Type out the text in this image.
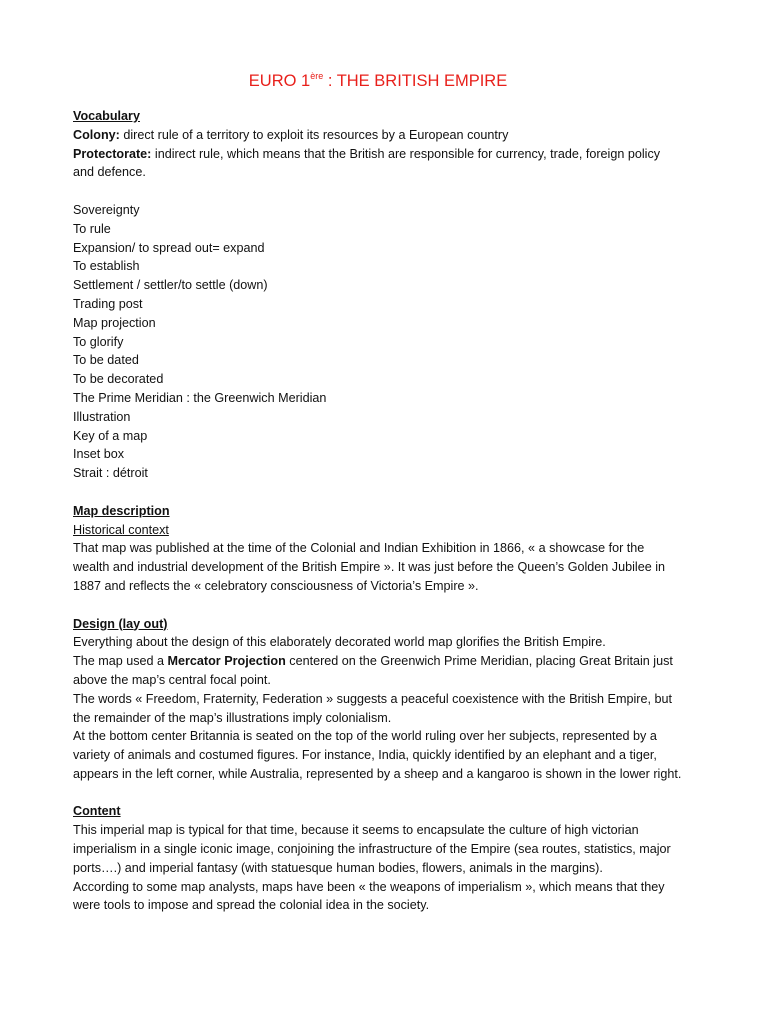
EURO 1ère : THE BRITISH EMPIRE

Vocabulary

Colony: direct rule of a territory to exploit its resources by a European country

Protectorate: indirect rule, which means that the British are responsible for currency, trade, foreign policy and defence.

Sovereignty
To rule
Expansion/ to spread out= expand
To establish
Settlement / settler/to settle (down)
Trading post
Map projection
To glorify
To be dated
To be decorated
The Prime Meridian : the Greenwich Meridian
Illustration
Key of a map
Inset box
Strait : détroit

Map description

Historical context

That map was published at the time of the Colonial and Indian Exhibition in 1866, « a showcase for the wealth and industrial development of the British Empire ». It was just before the Queen’s Golden Jubilee in 1887 and reflects the « celebratory consciousness of Victoria’s Empire ».

Design (lay out)

Everything about the design of this elaborately decorated world map glorifies the British Empire.

The map used a Mercator Projection centered on the Greenwich Prime Meridian, placing Great Britain just above the map’s central focal point.

The words « Freedom, Fraternity, Federation » suggests a peaceful coexistence with the British Empire, but the remainder of the map’s illustrations imply colonialism.

At the bottom center Britannia is seated on the top of the world ruling over her subjects, represented by a variety of animals and costumed figures. For instance, India, quickly identified by an elephant and a tiger, appears in the left corner, while Australia, represented by a sheep and a kangaroo is shown in the lower right.

Content

This imperial map is typical for that time, because it seems to encapsulate the culture of high victorian imperialism in a single iconic image, conjoining the infrastructure of the Empire (sea routes, statistics, major ports….) and imperial fantasy (with statuesque human bodies, flowers, animals in the margins).

According to some map analysts, maps have been « the weapons of imperialism », which means that they were tools to impose and spread the colonial idea in the society.
